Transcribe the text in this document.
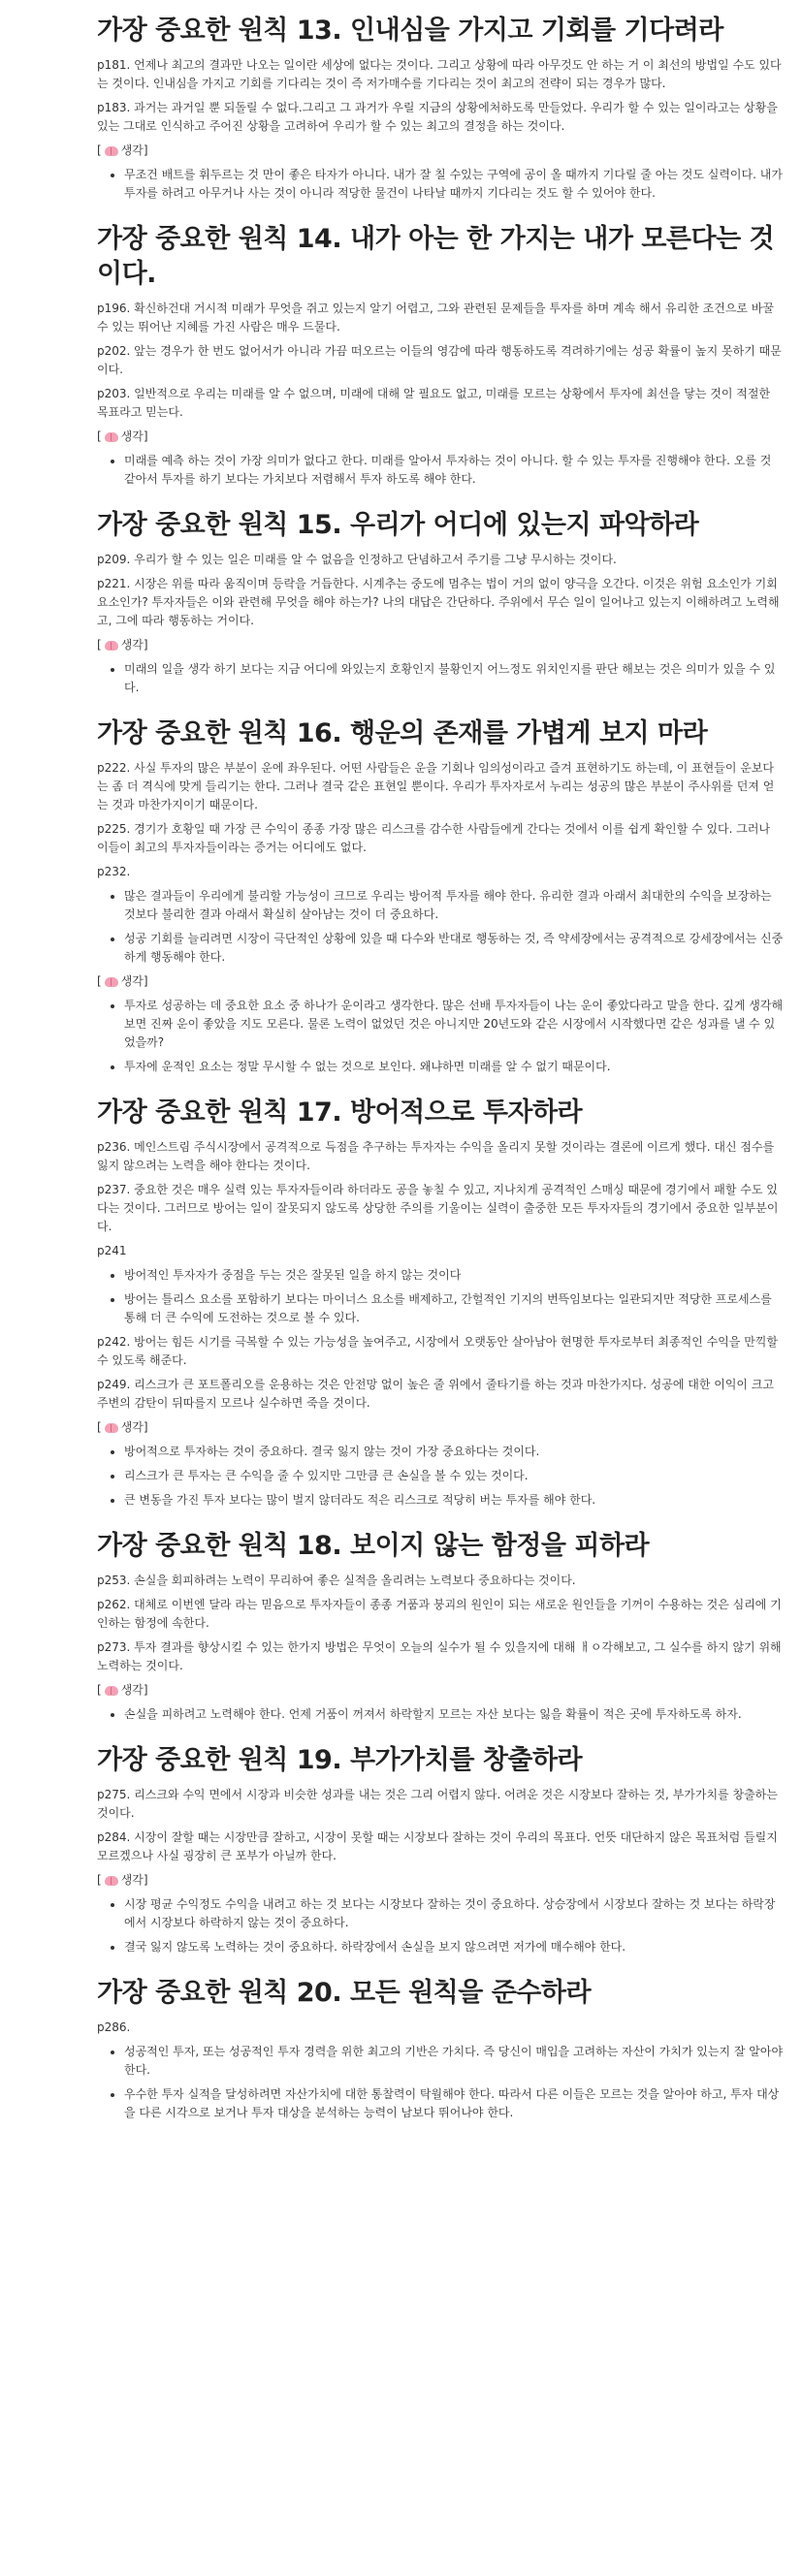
가장 중요한 원칙 13. 인내심을 가지고 기회를 기다려라

p181. 언제나 최고의 결과만 나오는 일이란 세상에 없다는 것이다. 그리고 상황에 따라 아무것도 안 하는 거 이 최선의 방법일 수도 있다는 것이다. 인내심을 가지고 기회를 기다리는 것이 즉 저가매수를 기다리는 것이 최고의 전략이 되는 경우가 많다.

p183. 과거는 과거일 뿐 되돌릴 수 없다.그리고 그 과거가 우릴 지금의 상황에처하도록 만들었다. 우리가 할 수 있는 일이라고는 상황을 있는 그대로 인식하고 주어진 상황을 고려하여 우리가 할 수 있는 최고의 결정을 하는 것이다.

[ 생각]

• 무조건 배트를 휘두르는 것 만이 좋은 타자가 아니다. 내가 잘 칠 수있는 구역에 공이 올 때까지 기다릴 줄 아는 것도 실력이다. 내가 투자를 하려고 아무거나 사는 것이 아니라 적당한 물건이 나타날 때까지 기다리는 것도 할 수 있어야 한다.
가장 중요한 원칙 14. 내가 아는 한 가지는 내가 모른다는 것이다.

p196. 확신하건대 거시적 미래가 무엇을 쥐고 있는지 알기 어렵고, 그와 관련된 문제들을 투자를 하며 계속 해서 유리한 조건으로 바꿀 수 있는 뛰어난 지혜를 가진 사람은 매우 드물다.

p202. 앞는 경우가 한 번도 없어서가 아니라 가끔 떠오르는 이들의 영감에 따라 행동하도록 격려하기에는 성공 확률이 높지 못하기 때문이다.

p203. 일반적으로 우리는 미래를 알 수 없으며, 미래에 대해 알 필요도 없고, 미래를 모르는 상황에서 투자에 최선을 닿는 것이 적절한 목표라고 믿는다.

[ 생각]

• 미래를 예측 하는 것이 가장 의미가 없다고 한다. 미래를 알아서 투자하는 것이 아니다. 할 수 있는 투자를 진행해야 한다. 오를 것 같아서 투자를 하기 보다는 가치보다 저렴해서 투자 하도록 해야 한다.
가장 중요한 원칙 15. 우리가 어디에 있는지 파악하라

p209. 우리가 할 수 있는 일은 미래를 알 수 없음을 인정하고 단념하고서 주기를 그냥 무시하는 것이다.

p221. 시장은 위를 따라 움직이며 등락을 거듭한다. 시계추는 중도에 멈추는 법이 거의 없이 양극을 오간다. 이것은 위험 요소인가 기회요소인가? 투자자들은 이와 관련해 무엇을 해야 하는가? 나의 대답은 간단하다. 주위에서 무슨 일이 일어나고 있는지 이해하려고 노력해고, 그에 따라 행동하는 거이다.

[ 생각]

• 미래의 일을 생각 하기 보다는 지금 어디에 와있는지 호황인지 불황인지 어느정도 위치인지를 판단 해보는 것은 의미가 있을 수 있다.
가장 중요한 원칙 16. 행운의 존재를 가볍게 보지 마라

p222. 사실 투자의 많은 부분이 운에 좌우된다. 어떤 사람들은 운을 기회나 임의성이라고 즐겨 표현하기도 하는데, 이 표현들이 운보다는 좀 더 격식에 맞게 들리기는 한다. 그러나 결국 같은 표현일 뿐이다. 우리가 투자자로서 누리는 성공의 많은 부분이 주사위를 던져 얻는 것과 마찬가지이기 때문이다.

p225. 경기가 호황일 때 가장 큰 수익이 종종 가장 많은 리스크를 감수한 사람들에게 간다는 것에서 이를 쉽게 확인할 수 있다. 그러나 이들이 최고의 투자자들이라는 증거는 어디에도 없다.

p232.

• 많은 결과들이 우리에게 불리할 가능성이 크므로 우리는 방어적 투자를 해야 한다. 유리한 결과 아래서 최대한의 수익을 보장하는 것보다 불리한 결과 아래서 확실히 살아남는 것이 더 중요하다.
• 성공 기회를 늘리려면 시장이 극단적인 상황에 있을 때 다수와 반대로 행동하는 것, 즉 약세장에서는 공격적으로 강세장에서는 신중하게 행동해야 한다.

[ 생각]

• 투자로 성공하는 데 중요한 요소 중 하나가 운이라고 생각한다. 많은 선배 투자자들이 나는 운이 좋았다라고 말을 한다. 깊게 생각해보면 진짜 운이 좋았을 지도 모른다. 물론 노력이 없었던 것은 아니지만 20년도와 같은 시장에서 시작했다면 같은 성과를 낼 수 있었을까?
• 투자에 운적인 요소는 정말 무시할 수 없는 것으로 보인다. 왜냐하면 미래를 알 수 없기 때문이다.
가장 중요한 원칙 17. 방어적으로 투자하라

p236. 메인스트림 주식시장에서 공격적으로 득점을 추구하는 투자자는 수익을 올리지 못할 것이라는 결론에 이르게 했다. 대신 점수를 잃지 않으려는 노력을 해야 한다는 것이다.

p237. 중요한 것은 매우 실력 있는 투자자들이라 하더라도 공을 놓칠 수 있고, 지나치게 공격적인 스매싱 때문에 경기에서 패할 수도 있다는 것이다. 그러므로 방어는 일이 잘못되지 않도록 상당한 주의를 기울이는 실력이 출중한 모든 투자자들의 경기에서 중요한 일부분이다.

p241

• 방어적인 투자자가 중점을 두는 것은 잘못된 일을 하지 않는 것이다
• 방어는 틀리스 요소를 포함하기 보다는 마이너스 요소를 배제하고, 간헐적인 기지의 번뜩임보다는 일관되지만 적당한 프로세스를 통해 더 큰 수익에 도전하는 것으로 볼 수 있다.

p242. 방어는 힘든 시기를 극복할 수 있는 가능성을 높여주고, 시장에서 오랫동안 살아남아 현명한 투자로부터 최종적인 수익을 만끽할 수 있도록 해준다.

p249. 리스크가 큰 포트폴리오를 운용하는 것은 안전망 없이 높은 줄 위에서 줄타기를 하는 것과 마찬가지다. 성공에 대한 이익이 크고 주변의 감탄이 뒤따를지 모르나 실수하면 죽을 것이다.

[ 생각]

• 방어적으로 투자하는 것이 중요하다. 결국 잃지 않는 것이 가장 중요하다는 것이다.
• 리스크가 큰 투자는 큰 수익을 줄 수 있지만 그만큼 큰 손실을 볼 수 있는 것이다.
• 큰 변동을 가진 투자 보다는 많이 벌지 않더라도 적은 리스크로 적당히 버는 투자를 해야 한다.
가장 중요한 원칙 18. 보이지 않는 함정을 피하라

p253. 손실을 회피하려는 노력이 무리하여 좋은 실적을 올리려는 노력보다 중요하다는 것이다.

p262. 대체로 이번엔 달라 라는 믿음으로 투자자들이 종종 거품과 붕괴의 원인이 되는 새로운 원인들을 기꺼이 수용하는 것은 심리에 기인하는 함정에 속한다.

p273. 투자 결과를 향상시킬 수 있는 한가지 방법은 무엇이 오늘의 실수가 될 수 있을지에 대해 ㅐㅇ각해보고, 그 실수를 하지 않기 위해 노력하는 것이다.

[ 생각]

• 손실을 피하려고 노력해야 한다. 언제 거품이 꺼져서 하락할지 모르는 자산 보다는 잃을 확률이 적은 곳에 투자하도록 하자.
가장 중요한 원칙 19. 부가가치를 창출하라

p275. 리스크와 수익 면에서 시장과 비슷한 성과를 내는 것은 그리 어렵지 않다. 어려운 것은 시장보다 잘하는 것, 부가가치를 창출하는 것이다.

p284. 시장이 잘할 때는 시장만큼 잘하고, 시장이 못할 때는 시장보다 잘하는 것이 우리의 목표다. 언뜻 대단하지 않은 목표처럼 들릴지 모르겠으나 사실 굉장히 큰 포부가 아닐까 한다.

[ 생각]

• 시장 평균 수익정도 수익을 내려고 하는 것 보다는 시장보다 잘하는 것이 중요하다. 상승장에서 시장보다 잘하는 것 보다는 하락장에서 시장보다 하락하지 않는 것이 중요하다.
• 결국 잃지 않도록 노력하는 것이 중요하다. 하락장에서 손실을 보지 않으려면 저가에 매수해야 한다.
가장 중요한 원칙 20. 모든 원칙을 준수하라

p286.

• 성공적인 투자, 또는 성공적인 투자 경력을 위한 최고의 기반은 가치다. 즉 당신이 매입을 고려하는 자산이 가치가 있는지 잘 알아야 한다.
• 우수한 투자 실적을 달성하려면 자산가치에 대한 통찰력이 탁월해야 한다. 따라서 다른 이들은 모르는 것을 알아야 하고, 투자 대상을 다른 시각으로 보거나 투자 대상을 분석하는 능력이 남보다 뛰어나야 한다.
